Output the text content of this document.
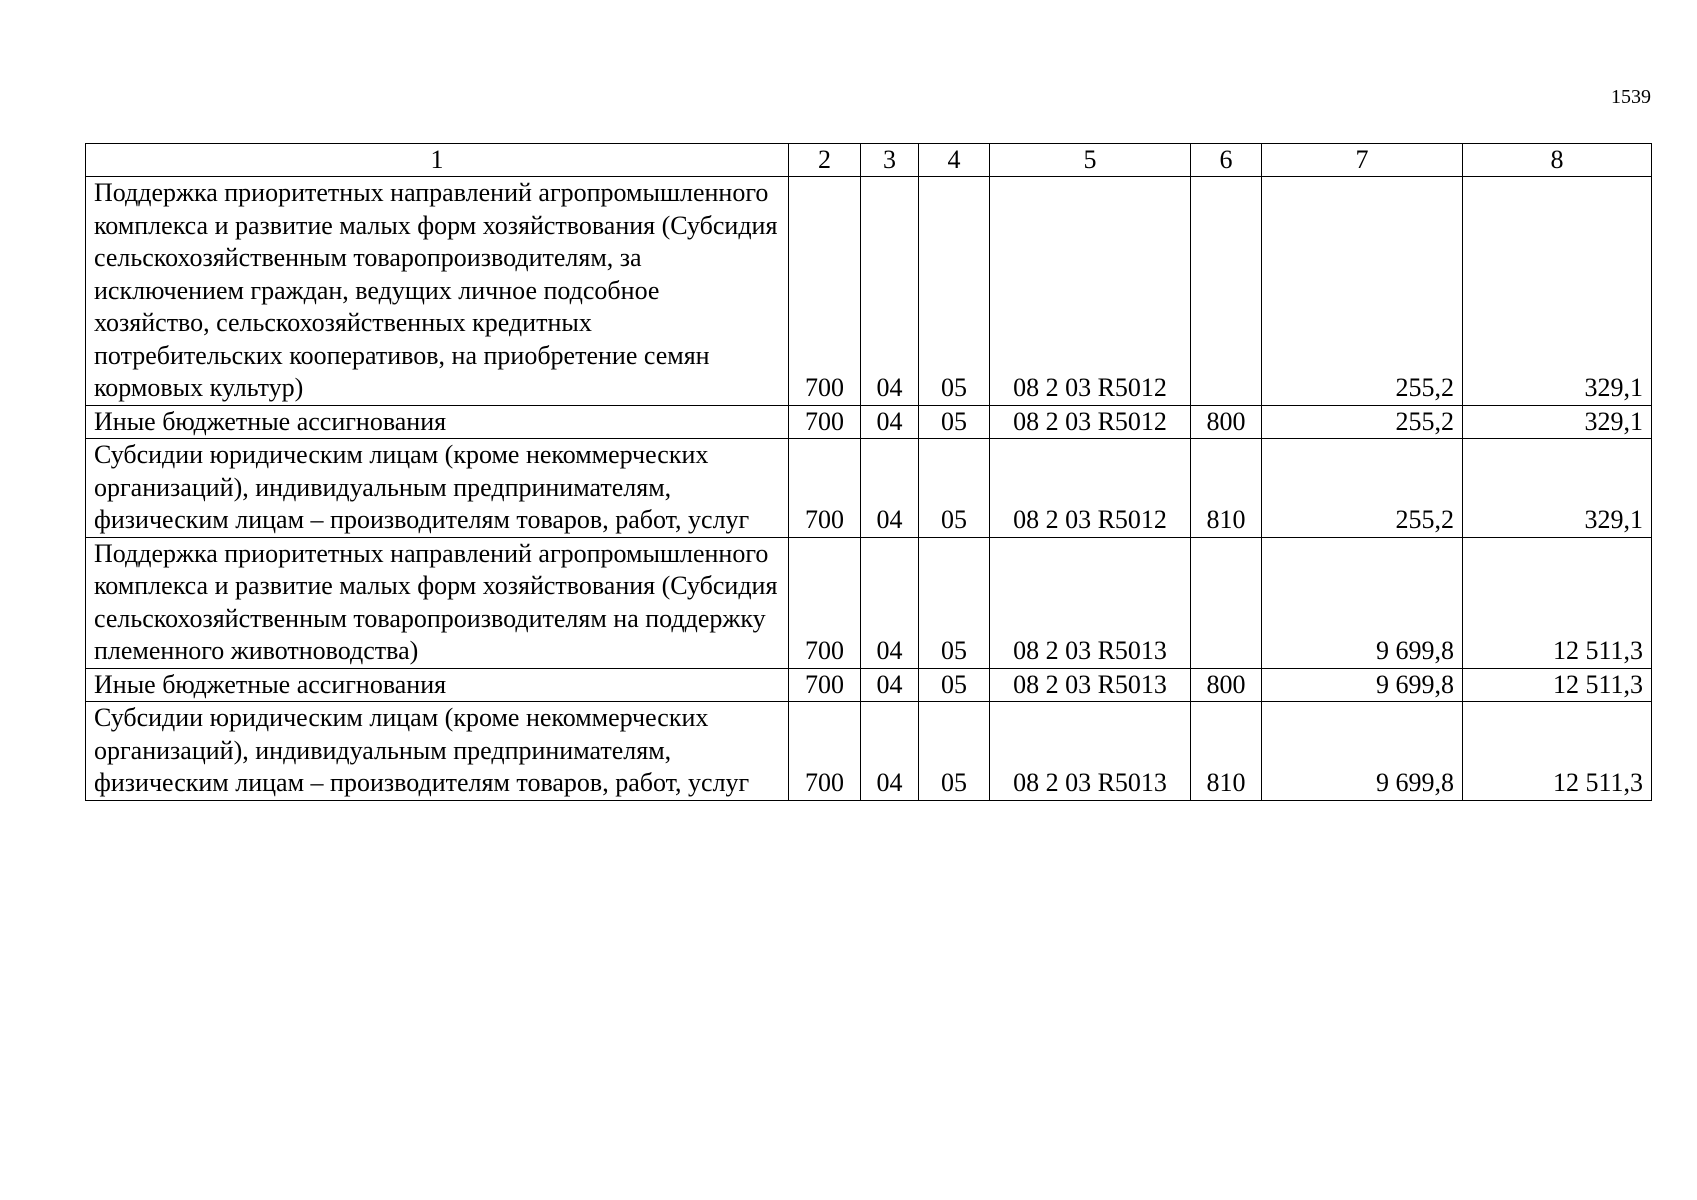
1539
1	2	3	4	5	6	7	8
Поддержка приоритетных направлений агропромышленного комплекса и развитие малых форм хозяйствования (Субсидия сельскохозяйственным товаропроизводителям, за исключением граждан, ведущих личное подсобное хозяйство, сельскохозяйственных кредитных потребительских кооперативов, на приобретение семян кормовых культур)	700	04	05	08 2 03 R5012		255,2	329,1
Иные бюджетные ассигнования	700	04	05	08 2 03 R5012	800	255,2	329,1
Субсидии юридическим лицам (кроме некоммерческих организаций), индивидуальным предпринимателям, физическим лицам – производителям товаров, работ, услуг	700	04	05	08 2 03 R5012	810	255,2	329,1
Поддержка приоритетных направлений агропромышленного комплекса и развитие малых форм хозяйствования (Субсидия сельскохозяйственным товаропроизводителям на поддержку племенного животноводства)	700	04	05	08 2 03 R5013		9 699,8	12 511,3
Иные бюджетные ассигнования	700	04	05	08 2 03 R5013	800	9 699,8	12 511,3
Субсидии юридическим лицам (кроме некоммерческих организаций), индивидуальным предпринимателям, физическим лицам – производителям товаров, работ, услуг	700	04	05	08 2 03 R5013	810	9 699,8	12 511,3
